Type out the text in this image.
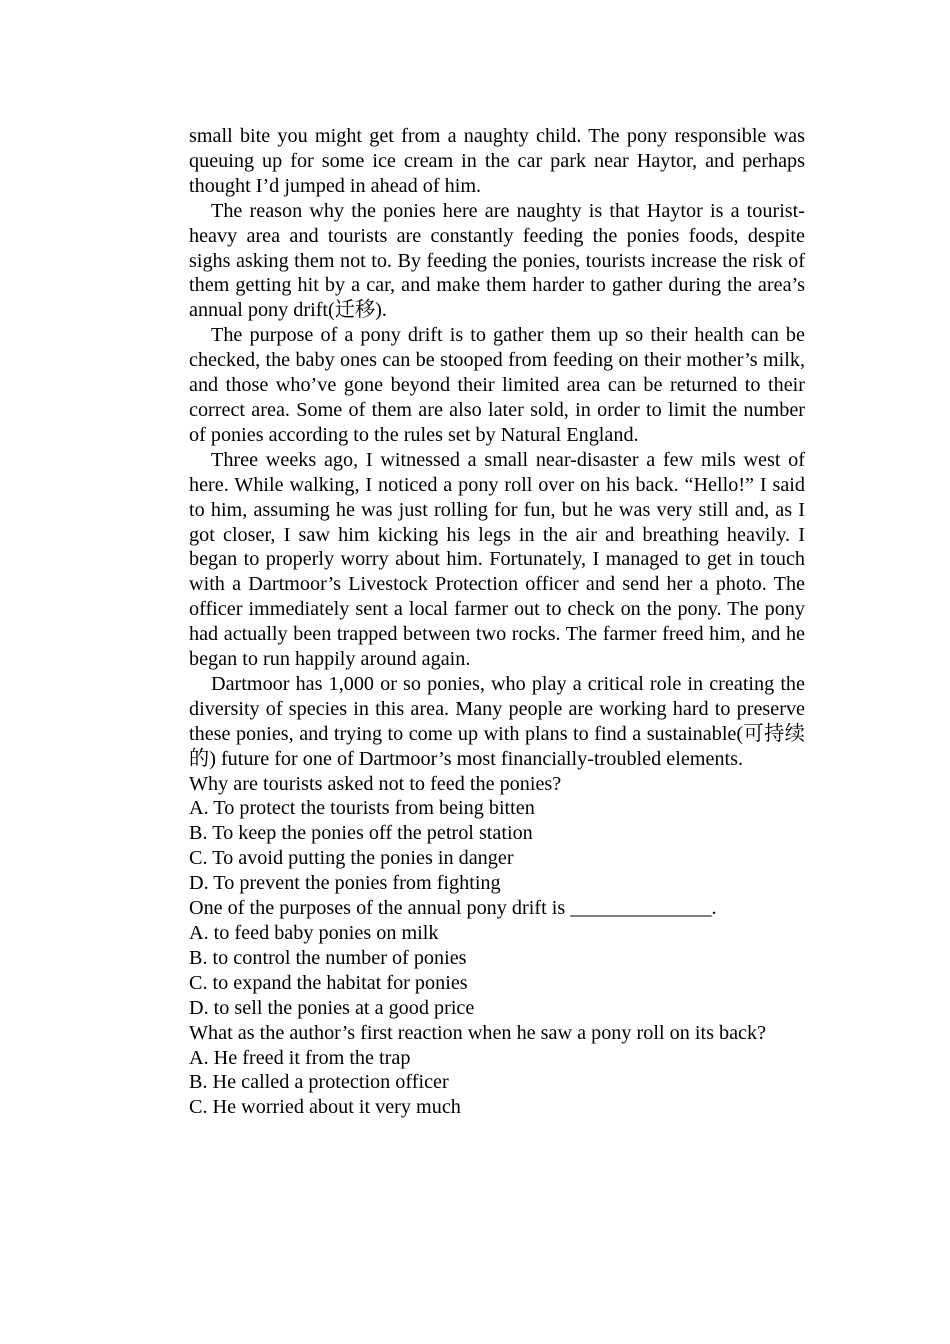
small bite you might get from a naughty child. The pony responsible was queuing up for some ice cream in the car park near Haytor, and perhaps thought I’d jumped in ahead of him.

The reason why the ponies here are naughty is that Haytor is a tourist-heavy area and tourists are constantly feeding the ponies foods, despite sighs asking them not to. By feeding the ponies, tourists increase the risk of them getting hit by a car, and make them harder to gather during the area’s annual pony drift(迁移).

The purpose of a pony drift is to gather them up so their health can be checked, the baby ones can be stooped from feeding on their mother’s milk, and those who’ve gone beyond their limited area can be returned to their correct area. Some of them are also later sold, in order to limit the number of ponies according to the rules set by Natural England.

Three weeks ago, I witnessed a small near-disaster a few mils west of here. While walking, I noticed a pony roll over on his back. “Hello!” I said to him, assuming he was just rolling for fun, but he was very still and, as I got closer, I saw him kicking his legs in the air and breathing heavily. I began to properly worry about him. Fortunately, I managed to get in touch with a Dartmoor’s Livestock Protection officer and send her a photo. The officer immediately sent a local farmer out to check on the pony. The pony had actually been trapped between two rocks. The farmer freed him, and he began to run happily around again.

Dartmoor has 1,000 or so ponies, who play a critical role in creating the diversity of species in this area. Many people are working hard to preserve these ponies, and trying to come up with plans to find a sustainable(可持续的) future for one of Dartmoor’s most financially-troubled elements.

Why are tourists asked not to feed the ponies?

A. To protect the tourists from being bitten

B. To keep the ponies off the petrol station

C. To avoid putting the ponies in danger

D. To prevent the ponies from fighting

One of the purposes of the annual pony drift is ______________.

A. to feed baby ponies on milk

B. to control the number of ponies

C. to expand the habitat for ponies

D. to sell the ponies at a good price

What as the author’s first reaction when he saw a pony roll on its back?

A. He freed it from the trap

B. He called a protection officer

C. He worried about it very much
